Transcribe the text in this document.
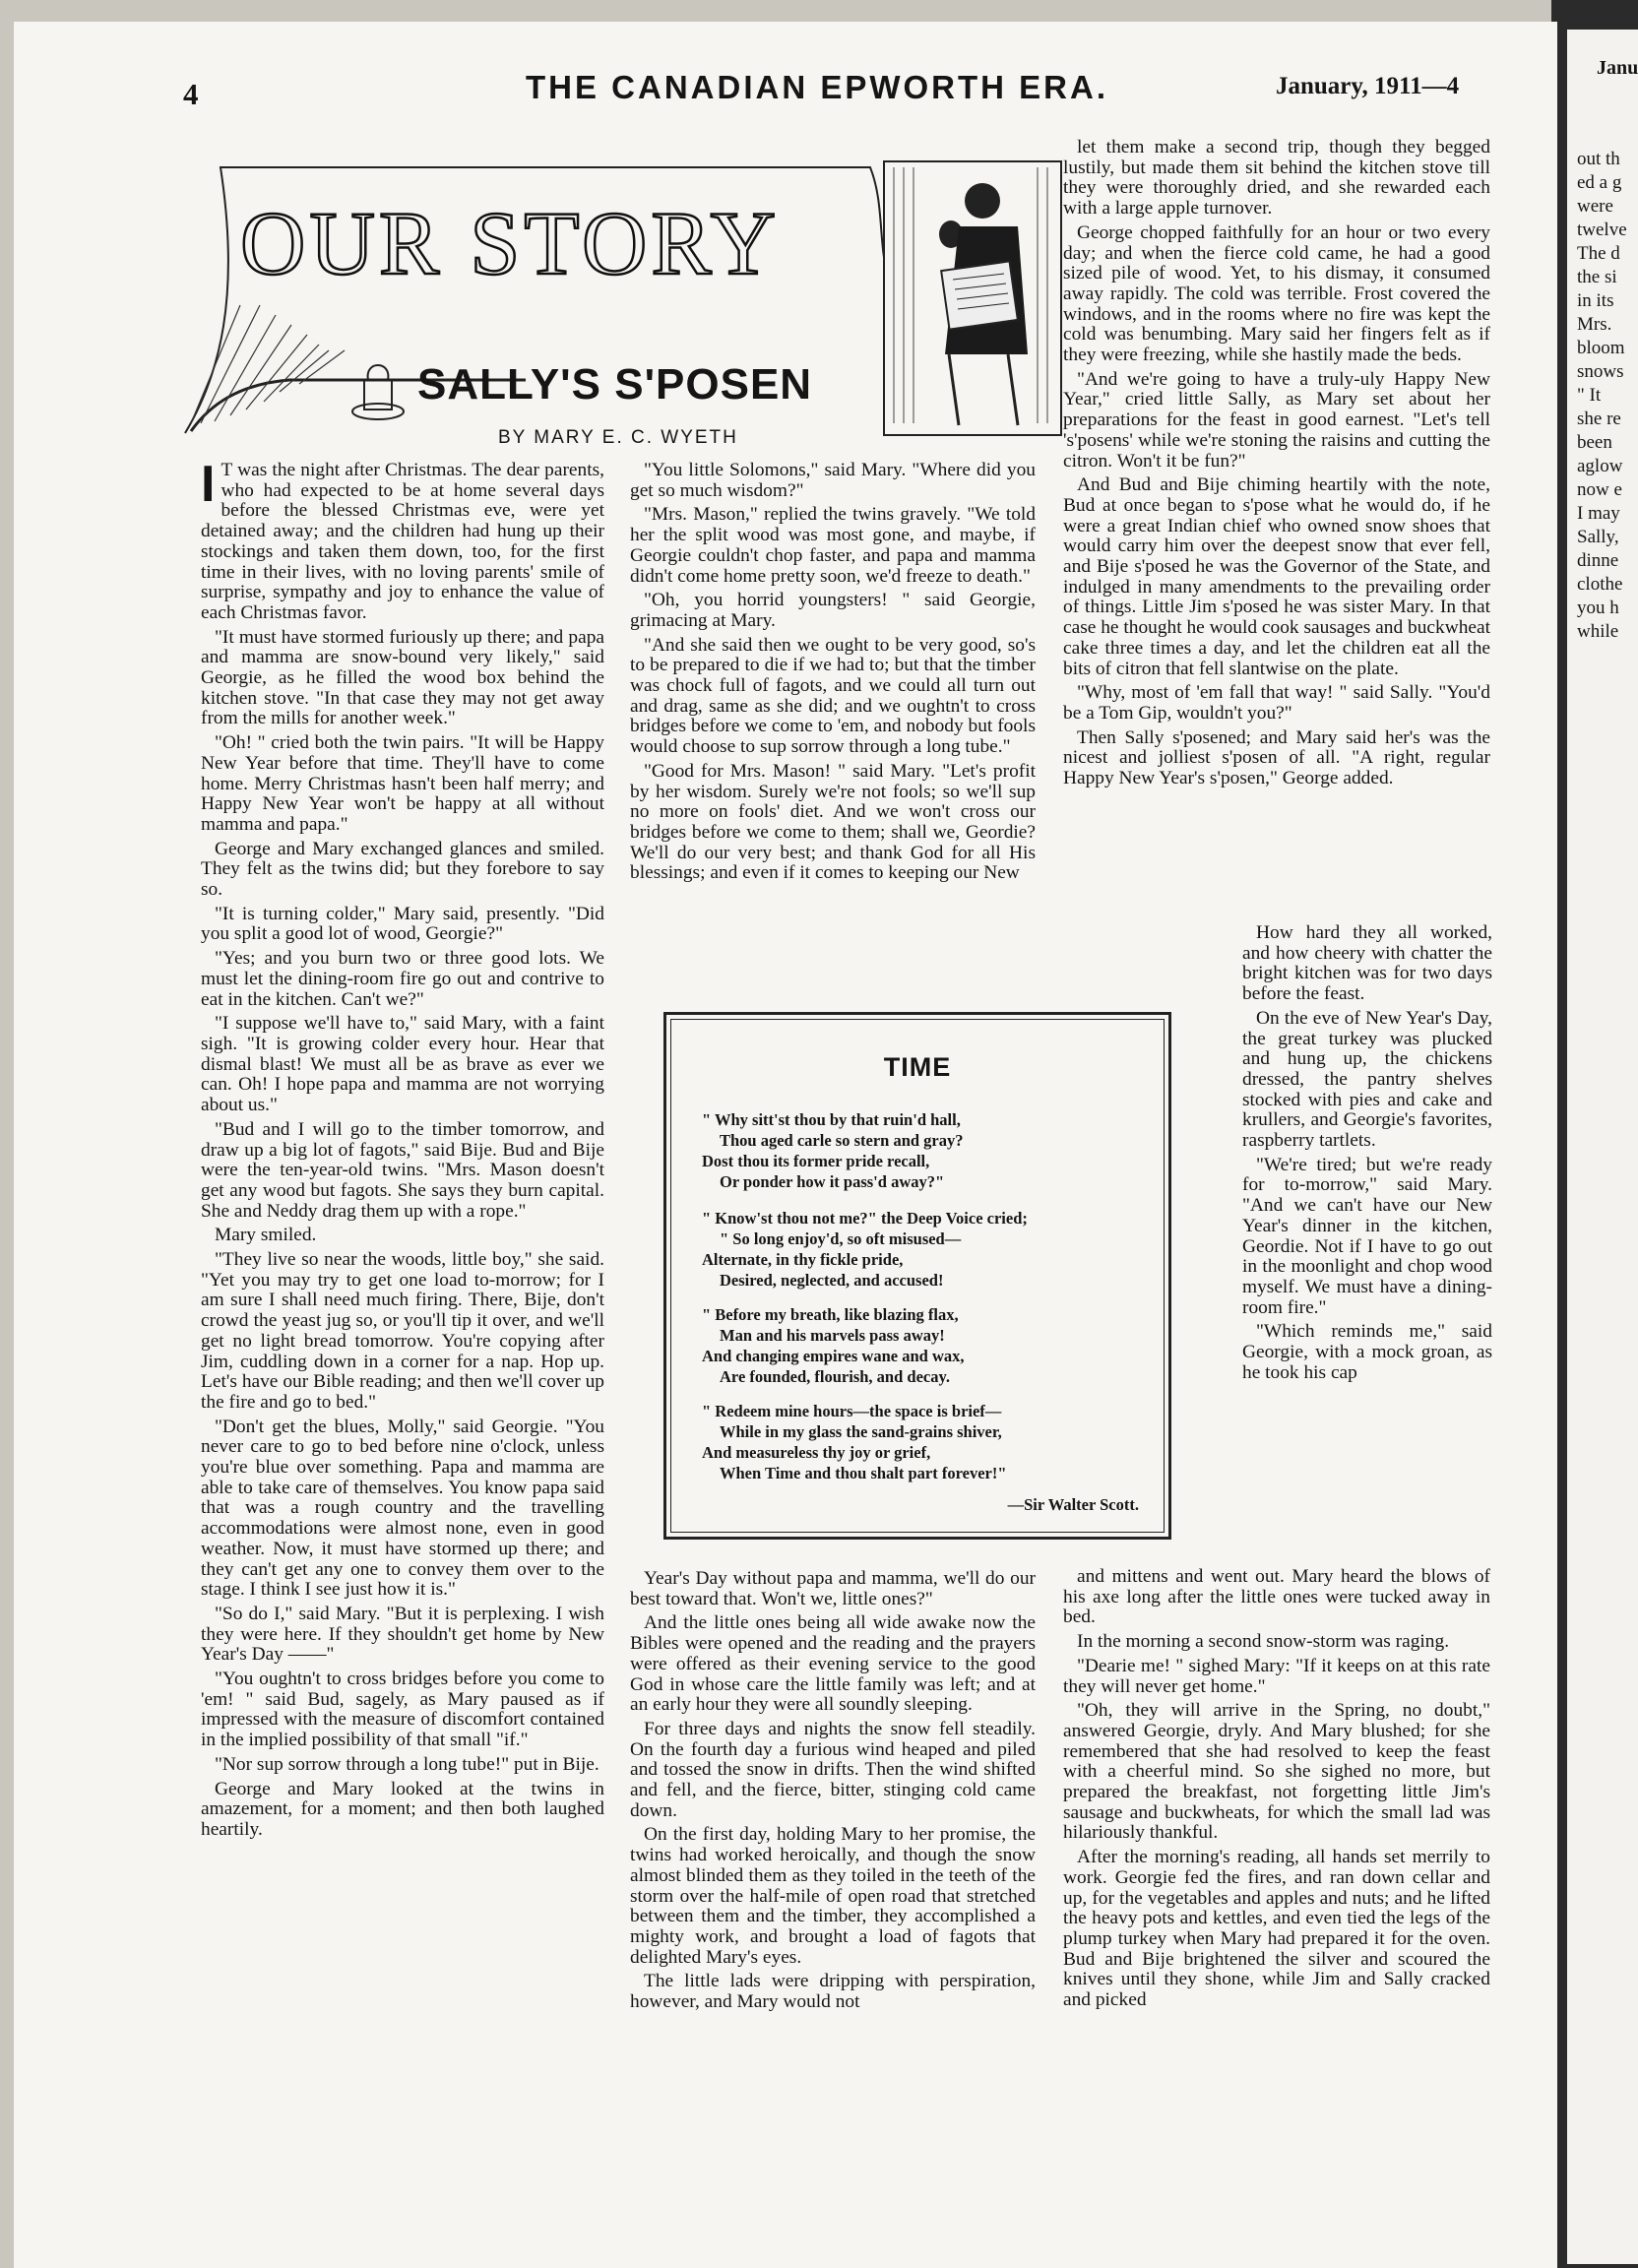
Janu
out th
ed a g
were
twelve
The d
the si
in its
Mrs.
bloom
snows
" It
she re
been
aglow
now e
I may
Sally,
dinne
clothe
you h
while
4	THE CANADIAN EPWORTH ERA.	January, 1911—4
OUR STORY
SALLY'S S'POSEN
BY MARY E. C. WYETH

I T was the night after Christmas. The dear parents, who had expected to be at home several days before the blessed Christmas eve, were yet detained away; and the children had hung up their stockings and taken them down, too, for the first time in their lives, with no loving parents' smile of surprise, sympathy and joy to enhance the value of each Christmas favor.

"It must have stormed furiously up there; and papa and mamma are snow-bound very likely," said Georgie, as he filled the wood box behind the kitchen stove. "In that case they may not get away from the mills for another week."

"Oh! " cried both the twin pairs. "It will be Happy New Year before that time. They'll have to come home. Merry Christmas hasn't been half merry; and Happy New Year won't be happy at all without mamma and papa."

George and Mary exchanged glances and smiled. They felt as the twins did; but they forebore to say so.

"It is turning colder," Mary said, presently. "Did you split a good lot of wood, Georgie?"

"Yes; and you burn two or three good lots. We must let the dining-room fire go out and contrive to eat in the kitchen. Can't we?"

"I suppose we'll have to," said Mary, with a faint sigh. "It is growing colder every hour. Hear that dismal blast! We must all be as brave as ever we can. Oh! I hope papa and mamma are not worrying about us."

"Bud and I will go to the timber tomorrow, and draw up a big lot of fagots," said Bije. Bud and Bije were the ten-year-old twins. "Mrs. Mason doesn't get any wood but fagots. She says they burn capital. She and Neddy drag them up with a rope."

Mary smiled.

"They live so near the woods, little boy," she said. "Yet you may try to get one load to-morrow; for I am sure I shall need much firing. There, Bije, don't crowd the yeast jug so, or you'll tip it over, and we'll get no light bread tomorrow. You're copying after Jim, cuddling down in a corner for a nap. Hop up. Let's have our Bible reading; and then we'll cover up the fire and go to bed."

"Don't get the blues, Molly," said Georgie. "You never care to go to bed before nine o'clock, unless you're blue over something. Papa and mamma are able to take care of themselves. You know papa said that was a rough country and the travelling accommodations were almost none, even in good weather. Now, it must have stormed up there; and they can't get any one to convey them over to the stage. I think I see just how it is."

"So do I," said Mary. "But it is perplexing. I wish they were here. If they shouldn't get home by New Year's Day ——"

"You oughtn't to cross bridges before you come to 'em! " said Bud, sagely, as Mary paused as if impressed with the measure of discomfort contained in the implied possibility of that small "if."

"Nor sup sorrow through a long tube!" put in Bije.

George and Mary looked at the twins in amazement, for a moment; and then both laughed heartily.

"You little Solomons," said Mary. "Where did you get so much wisdom?"

"Mrs. Mason," replied the twins gravely. "We told her the split wood was most gone, and maybe, if Georgie couldn't chop faster, and papa and mamma didn't come home pretty soon, we'd freeze to death."

"Oh, you horrid youngsters! " said Georgie, grimacing at Mary.

"And she said then we ought to be very good, so's to be prepared to die if we had to; but that the timber was chock full of fagots, and we could all turn out and drag, same as she did; and we oughtn't to cross bridges before we come to 'em, and nobody but fools would choose to sup sorrow through a long tube."

"Good for Mrs. Mason! " said Mary. "Let's profit by her wisdom. Surely we're not fools; so we'll sup no more on fools' diet. And we won't cross our bridges before we come to them; shall we, Geordie? We'll do our very best; and thank God for all His blessings; and even if it comes to keeping our New

Year's Day without papa and mamma, we'll do our best toward that. Won't we, little ones?"

And the little ones being all wide awake now the Bibles were opened and the reading and the prayers were offered as their evening service to the good God in whose care the little family was left; and at an early hour they were all soundly sleeping.

For three days and nights the snow fell steadily. On the fourth day a furious wind heaped and piled and tossed the snow in drifts. Then the wind shifted and fell, and the fierce, bitter, stinging cold came down.

On the first day, holding Mary to her promise, the twins had worked heroically, and though the snow almost blinded them as they toiled in the teeth of the storm over the half-mile of open road that stretched between them and the timber, they accomplished a mighty work, and brought a load of fagots that delighted Mary's eyes.

The little lads were dripping with perspiration, however, and Mary would not

let them make a second trip, though they begged lustily, but made them sit behind the kitchen stove till they were thoroughly dried, and she rewarded each with a large apple turnover.

George chopped faithfully for an hour or two every day; and when the fierce cold came, he had a good sized pile of wood. Yet, to his dismay, it consumed away rapidly. The cold was terrible. Frost covered the windows, and in the rooms where no fire was kept the cold was benumbing. Mary said her fingers felt as if they were freezing, while she hastily made the beds.

"And we're going to have a truly-uly Happy New Year," cried little Sally, as Mary set about her preparations for the feast in good earnest. "Let's tell 's'posens' while we're stoning the raisins and cutting the citron. Won't it be fun?"

And Bud and Bije chiming heartily with the note, Bud at once began to s'pose what he would do, if he were a great Indian chief who owned snow shoes that would carry him over the deepest snow that ever fell, and Bije s'posed he was the Governor of the State, and indulged in many amendments to the prevailing order of things. Little Jim s'posed he was sister Mary. In that case he thought he would cook sausages and buckwheat cake three times a day, and let the children eat all the bits of citron that fell slantwise on the plate.

"Why, most of 'em fall that way! " said Sally. "You'd be a Tom Gip, wouldn't you?"

Then Sally s'posened; and Mary said her's was the nicest and jolliest s'posen of all. "A right, regular Happy New Year's s'posen," George added.

How hard they all worked, and how cheery with chatter the bright kitchen was for two days before the feast.

On the eve of New Year's Day, the great turkey was plucked and hung up, the chickens dressed, the pantry shelves stocked with pies and cake and krullers, and Georgie's favorites, raspberry tartlets.

"We're tired; but we're ready for to-morrow," said Mary. "And we can't have our New Year's dinner in the kitchen, Geordie. Not if I have to go out in the moonlight and chop wood myself. We must have a dining-room fire."

"Which reminds me," said Georgie, with a mock groan, as he took his cap

and mittens and went out. Mary heard the blows of his axe long after the little ones were tucked away in bed.

In the morning a second snow-storm was raging.

"Dearie me! " sighed Mary: "If it keeps on at this rate they will never get home."

"Oh, they will arrive in the Spring, no doubt," answered Georgie, dryly. And Mary blushed; for she remembered that she had resolved to keep the feast with a cheerful mind. So she sighed no more, but prepared the breakfast, not forgetting little Jim's sausage and buckwheats, for which the small lad was hilariously thankful.

After the morning's reading, all hands set merrily to work. Georgie fed the fires, and ran down cellar and up, for the vegetables and apples and nuts; and he lifted the heavy pots and kettles, and even tied the legs of the plump turkey when Mary had prepared it for the oven. Bud and Bije brightened the silver and scoured the knives until they shone, while Jim and Sally cracked and picked

TIME
" Why sitt'st thou by that ruin'd hall,
Thou aged carle so stern and gray?
Dost thou its former pride recall,
Or ponder how it pass'd away?"
" Know'st thou not me?" the Deep Voice cried;
" So long enjoy'd, so oft misused—
Alternate, in thy fickle pride,
Desired, neglected, and accused!
" Before my breath, like blazing flax,
Man and his marvels pass away!
And changing empires wane and wax,
Are founded, flourish, and decay.
" Redeem mine hours—the space is brief—
While in my glass the sand-grains shiver,
And measureless thy joy or grief,
When Time and thou shalt part forever!"
—Sir Walter Scott.
